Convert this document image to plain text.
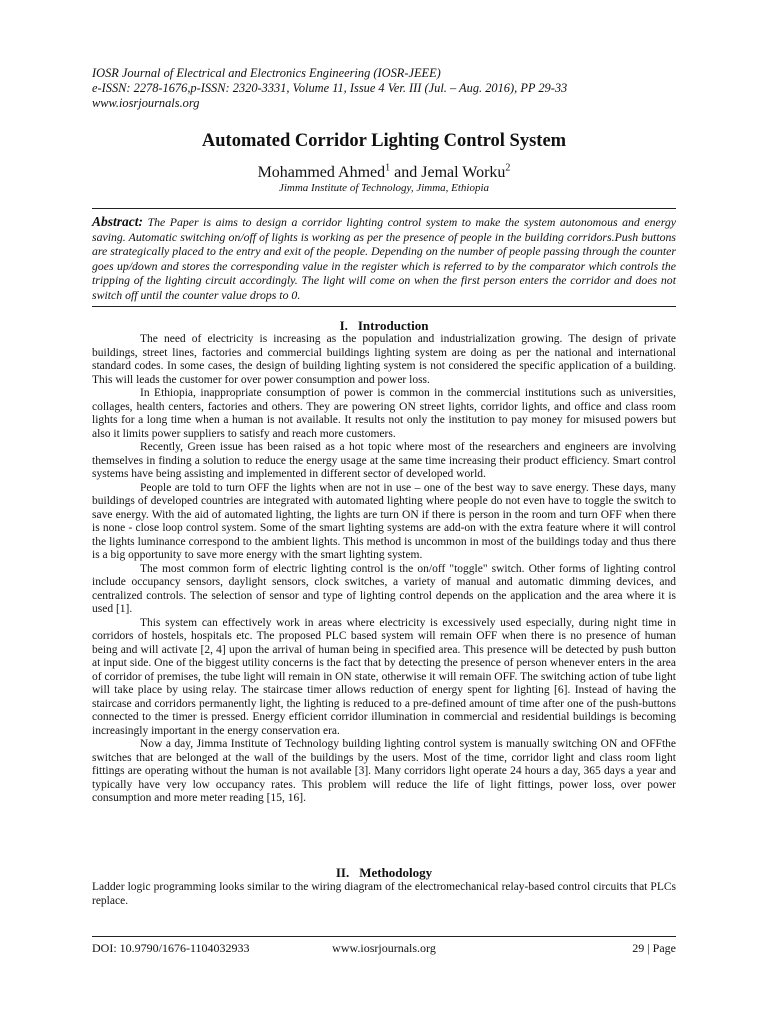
IOSR Journal of Electrical and Electronics Engineering (IOSR-JEEE)
e-ISSN: 2278-1676,p-ISSN: 2320-3331, Volume 11, Issue 4 Ver. III (Jul. – Aug. 2016), PP 29-33
www.iosrjournals.org
Automated Corridor Lighting Control System
Mohammed Ahmed$^1$ and Jemal Worku$^2$
Jimma Institute of Technology, Jimma, Ethiopia
Abstract: The Paper is aims to design a corridor lighting control system to make the system autonomous and energy saving. Automatic switching on/off of lights is working as per the presence of people in the building corridors.Push buttons are strategically placed to the entry and exit of the people. Depending on the number of people passing through the counter goes up/down and stores the corresponding value in the register which is referred to by the comparator which controls the tripping of the lighting circuit accordingly. The light will come on when the first person enters the corridor and does not switch off until the counter value drops to 0.
I. Introduction

The need of electricity is increasing as the population and industrialization growing. The design of private buildings, street lines, factories and commercial buildings lighting system are doing as per the national and international standard codes. In some cases, the design of building lighting system is not considered the specific application of a building. This will leads the customer for over power consumption and power loss.

In Ethiopia, inappropriate consumption of power is common in the commercial institutions such as universities, collages, health centers, factories and others. They are powering ON street lights, corridor lights, and office and class room lights for a long time when a human is not available. It results not only the institution to pay money for misused powers but also it limits power suppliers to satisfy and reach more customers.

Recently, Green issue has been raised as a hot topic where most of the researchers and engineers are involving themselves in finding a solution to reduce the energy usage at the same time increasing their product efficiency. Smart control systems have being assisting and implemented in different sector of developed world.

People are told to turn OFF the lights when are not in use – one of the best way to save energy. These days, many buildings of developed countries are integrated with automated lighting where people do not even have to toggle the switch to save energy. With the aid of automated lighting, the lights are turn ON if there is person in the room and turn OFF when there is none - close loop control system. Some of the smart lighting systems are add-on with the extra feature where it will control the lights luminance correspond to the ambient lights. This method is uncommon in most of the buildings today and thus there is a big opportunity to save more energy with the smart lighting system.

The most common form of electric lighting control is the on/off "toggle" switch. Other forms of lighting control include occupancy sensors, daylight sensors, clock switches, a variety of manual and automatic dimming devices, and centralized controls. The selection of sensor and type of lighting control depends on the application and the area where it is used [1].

This system can effectively work in areas where electricity is excessively used especially, during night time in corridors of hostels, hospitals etc. The proposed PLC based system will remain OFF when there is no presence of human being and will activate [2, 4] upon the arrival of human being in specified area. This presence will be detected by push button at input side. One of the biggest utility concerns is the fact that by detecting the presence of person whenever enters in the area of corridor of premises, the tube light will remain in ON state, otherwise it will remain OFF. The switching action of tube light will take place by using relay. The staircase timer allows reduction of energy spent for lighting [6]. Instead of having the staircase and corridors permanently light, the lighting is reduced to a pre-defined amount of time after one of the push-buttons connected to the timer is pressed. Energy efficient corridor illumination in commercial and residential buildings is becoming increasingly important in the energy conservation era.

Now a day, Jimma Institute of Technology building lighting control system is manually switching ON and OFFthe switches that are belonged at the wall of the buildings by the users. Most of the time, corridor light and class room light fittings are operating without the human is not available [3]. Many corridors light operate 24 hours a day, 365 days a year and typically have very low occupancy rates. This problem will reduce the life of light fittings, power loss, over power consumption and more meter reading [15, 16].

II. Methodology

Ladder logic programming looks similar to the wiring diagram of the electromechanical relay-based control circuits that PLCs replace.

DOI: 10.9790/1676-1104032933	www.iosrjournals.org	29 | Page
